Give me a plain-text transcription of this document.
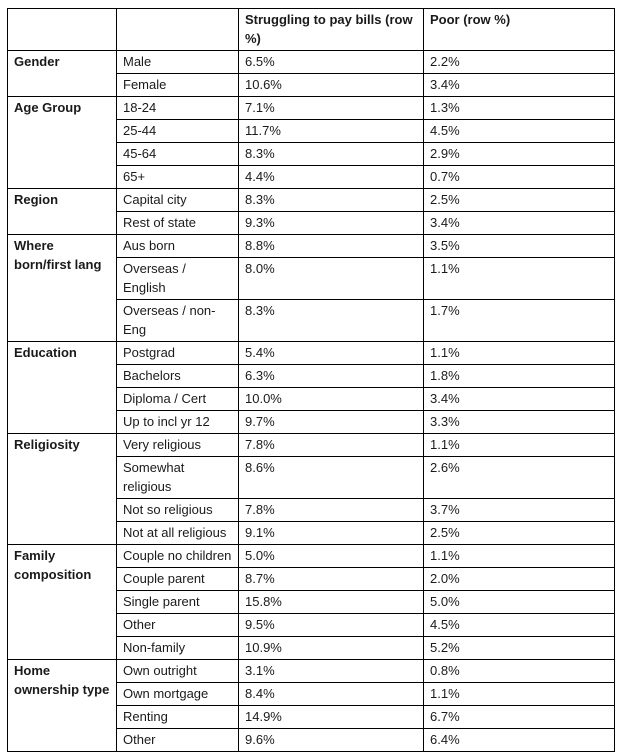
		Struggling to pay bills (row %)	Poor (row %)
Gender	Male	6.5%	2.2%
	Female	10.6%	3.4%
Age Group	18-24	7.1%	1.3%
	25-44	11.7%	4.5%
	45-64	8.3%	2.9%
	65+	4.4%	0.7%
Region	Capital city	8.3%	2.5%
	Rest of state	9.3%	3.4%
Where born/first lang	Aus born	8.8%	3.5%
	Overseas / English	8.0%	1.1%
	Overseas / non-Eng	8.3%	1.7%
Education	Postgrad	5.4%	1.1%
	Bachelors	6.3%	1.8%
	Diploma / Cert	10.0%	3.4%
	Up to incl yr 12	9.7%	3.3%
Religiosity	Very religious	7.8%	1.1%
	Somewhat religious	8.6%	2.6%
	Not so religious	7.8%	3.7%
	Not at all religious	9.1%	2.5%
Family composition	Couple no children	5.0%	1.1%
	Couple parent	8.7%	2.0%
	Single parent	15.8%	5.0%
	Other	9.5%	4.5%
	Non-family	10.9%	5.2%
Home ownership type	Own outright	3.1%	0.8%
	Own mortgage	8.4%	1.1%
	Renting	14.9%	6.7%
	Other	9.6%	6.4%
